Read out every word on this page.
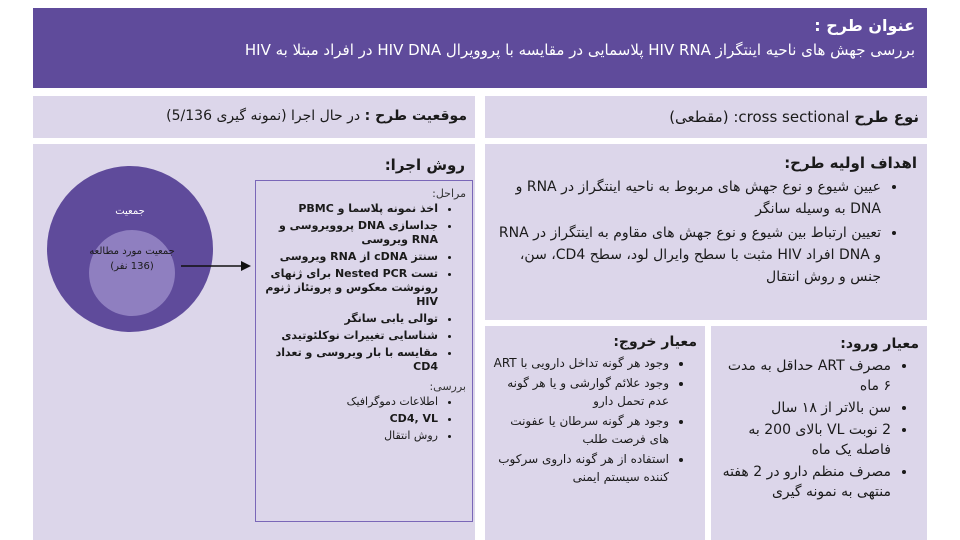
عنوان طرح :
بررسی جهش های ناحیه اینتگراز HIV RNA پلاسمایی در مقایسه با پروویرال HIV DNA در افراد مبتلا به HIV
نوع طرح cross sectional: (مقطعی)
موقعیت طرح : در حال اجرا (نمونه گیری 5/136)
اهداف اولیه طرح:
• عیین شیوع و نوع جهش های مربوط به ناحیه اینتگراز در RNA و DNA به وسیله سانگر
• تعیین ارتباط بین شیوع و نوع جهش های مقاوم به اینتگراز در RNA و DNA افراد HIV مثبت با سطح وایرال لود، سطح CD4، سن، جنس و روش انتقال
معیار ورود:
• مصرف ART حداقل به مدت ۶ ماه
• سن بالاتر از ۱۸ سال
• 2 نوبت VL بالای 200 به فاصله یک ماه
• مصرف منظم دارو در 2 هفته منتهی به نمونه گیری
معیار خروج:
• وجود هر گونه تداخل دارویی با ART
• وجود علائم گوارشی و یا هر گونه عدم تحمل دارو
• وجود هر گونه سرطان یا عفونت های فرصت طلب
• استفاده از هر گونه داروی سرکوب کننده سیستم ایمنی
روش اجرا:
جمعیت
جمعیت مورد مطالعه (136 نفر)
مراحل:
• اخذ نمونه پلاسما و PBMC
• جداسازی DNA پروویروسی و RNA ویروسی
• سنتز cDNA از RNA ویروسی
• تست Nested PCR برای ژنهای رونوشت معکوس و پروتئاز ژنوم HIV
• توالی یابی سانگر
• شناسایی تغییرات نوکلئوتیدی
• مقایسه با بار ویروسی و تعداد CD4
بررسی:
• اطلاعات دموگرافیک
• CD4, VL
• روش انتقال
